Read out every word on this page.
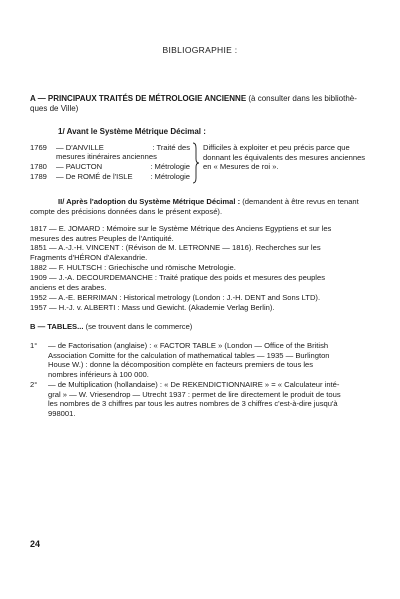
BIBLIOGRAPHIE :
A — PRINCIPAUX TRAITÉS DE MÉTROLOGIE ANCIENNE (à consulter dans les bibliothè-
ques de Ville)
1/ Avant le Système Métrique Décimal :
1769 — D'ANVILLE	: Traité des
mesures itinéraires anciennes
1780 — PAUCTON	: Métrologie
1789 — De ROMÉ de l'ISLE	: Métrologie
Difficiles à exploiter et peu précis parce que
donnant les équivalents des mesures anciennes
en « Mesures de roi ».
II/ Après l'adoption du Système Métrique Décimal : (demandent à être revus en tenant
compte des précisions données dans le présent exposé).
1817 — E. JOMARD : Mémoire sur le Système Métrique des Anciens Egyptiens et sur les
mesures des autres Peuples de l'Antiquité.
1851 — A.-J.-H. VINCENT : (Révison de M. LETRONNE — 1816). Recherches sur les
Fragments d'HÉRON d'Alexandrie.
1882 — F. HULTSCH : Griechische und römische Metrologie.
1909 — J.-A. DECOURDEMANCHE : Traité pratique des poids et mesures des peuples
anciens et des arabes.
1952 — A.-E. BERRIMAN : Historical metrology (London : J.-H. DENT and Sons LTD).
1957 — H.-J. v. ALBERTI : Mass und Gewicht. (Akademie Verlag Berlin).
B — TABLES... (se trouvent dans le commerce)
1° — de Factorisation (anglaise) : « FACTOR TABLE » (London — Office of the British
Association Comitte for the calculation of mathematical tables — 1935 — Burlington
House W.) : donne la décomposition complète en facteurs premiers de tous les
nombres inférieurs à 100 000.
2° — de Multiplication (hollandaise) : « De REKENDICTIONNAIRE » = « Calculateur inté-
gral » — W. Vriesendrop — Utrecht 1937 : permet de lire directement le produit de tous
les nombres de 3 chiffres par tous les autres nombres de 3 chiffres c'est-à-dire jusqu'à
998001.
24
